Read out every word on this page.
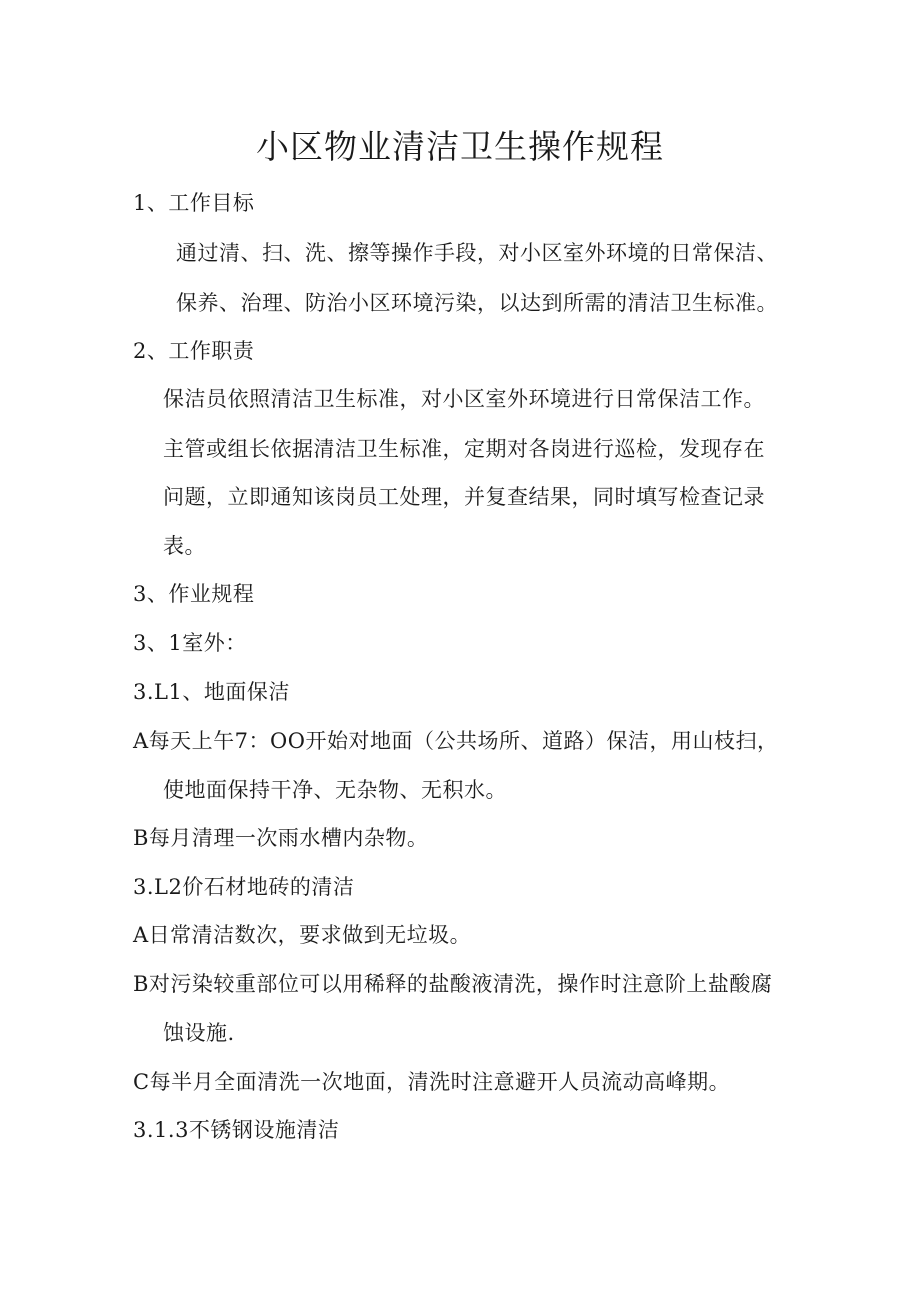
小区物业清洁卫生操作规程
1、工作目标
通过清、扫、洗、擦等操作手段，对小区室外环境的日常保洁、
保养、治理、防治小区环境污染，以达到所需的清洁卫生标准。
2、工作职责
保洁员依照清洁卫生标准，对小区室外环境进行日常保洁工作。
主管或组长依据清洁卫生标准，定期对各岗进行巡检，发现存在
问题，立即通知该岗员工处理，并复查结果，同时填写检查记录
表。
3、作业规程
3、1室外：
3.L1、地面保洁
A每天上午7：OO开始对地面（公共场所、道路）保洁，用山枝扫，
使地面保持干净、无杂物、无积水。
B每月清理一次雨水槽内杂物。
3.L2价石材地砖的清洁
A日常清洁数次，要求做到无垃圾。
B对污染较重部位可以用稀释的盐酸液清洗，操作时注意阶上盐酸腐
蚀设施.
C每半月全面清洗一次地面，清洗时注意避开人员流动高峰期。
3.1.3不锈钢设施清洁
